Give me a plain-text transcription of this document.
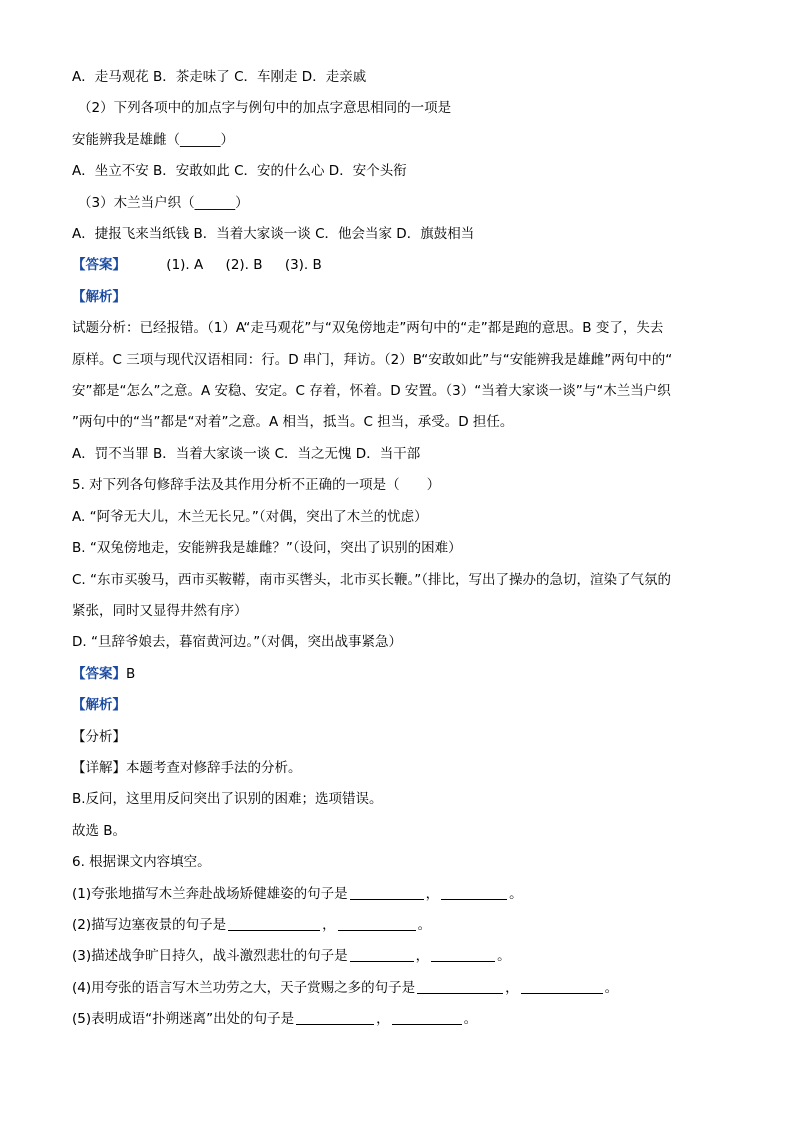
A．走马观花 B．茶走味了 C．车刚走 D．走亲戚
（2）下列各项中的加点字与例句中的加点字意思相同的一项是
安能辨我是雄雌（______）
A．坐立不安 B．安敢如此 C．安的什么心 D．安个头衔
（3）木兰当户织（______）
A．捷报飞来当纸钱 B．当着大家谈一谈 C．他会当家 D．旗鼓相当
【答案】	(1). A (2). B (3). B
【解析】
试题分析：已经报错。（1）A“走马观花”与“双兔傍地走”两句中的“走”都是跑的意思。B 变了，失去
原样。C 三项与现代汉语相同：行。D 串门，拜访。（2）B“安敢如此”与“安能辨我是雄雌”两句中的“
安”都是“怎么”之意。A 安稳、安定。C 存着，怀着。D 安置。（3）“当着大家谈一谈”与“木兰当户织
”两句中的“当”都是“对着”之意。A 相当，抵当。C 担当，承受。D 担任。
A．罚不当罪 B．当着大家谈一谈 C．当之无愧 D．当干部
5. 对下列各句修辞手法及其作用分析不正确的一项是（　　）
A. “阿爷无大儿，木兰无长兄。”（对偶，突出了木兰的忧虑）
B. “双兔傍地走，安能辨我是雄雌？”（设问，突出了识别的困难）
C. “东市买骏马，西市买鞍鞯，南市买辔头，北市买长鞭。”（排比，写出了操办的急切，渲染了气氛的
紧张，同时又显得井然有序）
D. “旦辞爷娘去，暮宿黄河边。”（对偶，突出战事紧急）
【答案】B
【解析】
【分析】
【详解】本题考查对修辞手法的分析。
B.反问，这里用反问突出了识别的困难；选项错误。
故选 B。
6. 根据课文内容填空。
(1)夸张地描写木兰奔赴战场矫健雄姿的句子是	，	。
(2)描写边塞夜景的句子是	，	。
(3)描述战争旷日持久，战斗激烈悲壮的句子是	，	。
(4)用夸张的语言写木兰功劳之大，天子赏赐之多的句子是	，	。
(5)表明成语“扑朔迷离”出处的句子是	，	。
